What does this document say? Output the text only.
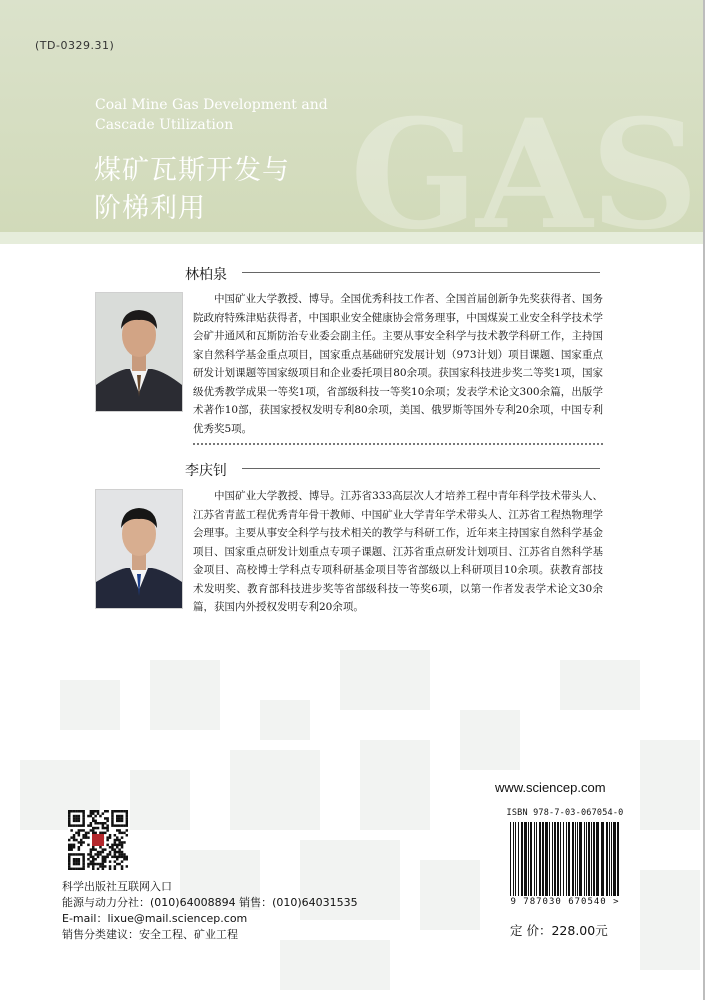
GAS
(TD-0329.31)
Coal Mine Gas Development and
Cascade Utilization
煤矿瓦斯开发与
阶梯利用
林柏泉

中国矿业大学教授、博导。全国优秀科技工作者、全国首届创新争先奖获得者、国务院政府特殊津贴获得者，中国职业安全健康协会常务理事，中国煤炭工业安全科学技术学会矿井通风和瓦斯防治专业委会副主任。主要从事安全科学与技术教学科研工作，主持国家自然科学基金重点项目，国家重点基础研究发展计划（973计划）项目课题、国家重点研发计划课题等国家级项目和企业委托项目80余项。获国家科技进步奖二等奖1项，国家级优秀教学成果一等奖1项，省部级科技一等奖10余项；发表学术论文300余篇，出版学术著作10部，获国家授权发明专利80余项，美国、俄罗斯等国外专利20余项，中国专利优秀奖5项。

李庆钊

中国矿业大学教授、博导。江苏省333高层次人才培养工程中青年科学技术带头人、江苏省青蓝工程优秀青年骨干教师、中国矿业大学青年学术带头人、江苏省工程热物理学会理事。主要从事安全科学与技术相关的教学与科研工作，近年来主持国家自然科学基金项目、国家重点研发计划重点专项子课题、江苏省重点研发计划项目、江苏省自然科学基金项目、高校博士学科点专项科研基金项目等省部级以上科研项目10余项。获教育部技术发明奖、教育部科技进步奖等省部级科技一等奖6项，以第一作者发表学术论文30余篇，获国内外授权发明专利20余项。

www.sciencep.com
ISBN 978-7-03-067054-0
9 787030 670540 >
定 价：228.00元
科学出版社互联网入口
能源与动力分社：(010)64008894 销售：(010)64031535
E-mail：lixue@mail.sciencep.com
销售分类建议：安全工程、矿业工程
